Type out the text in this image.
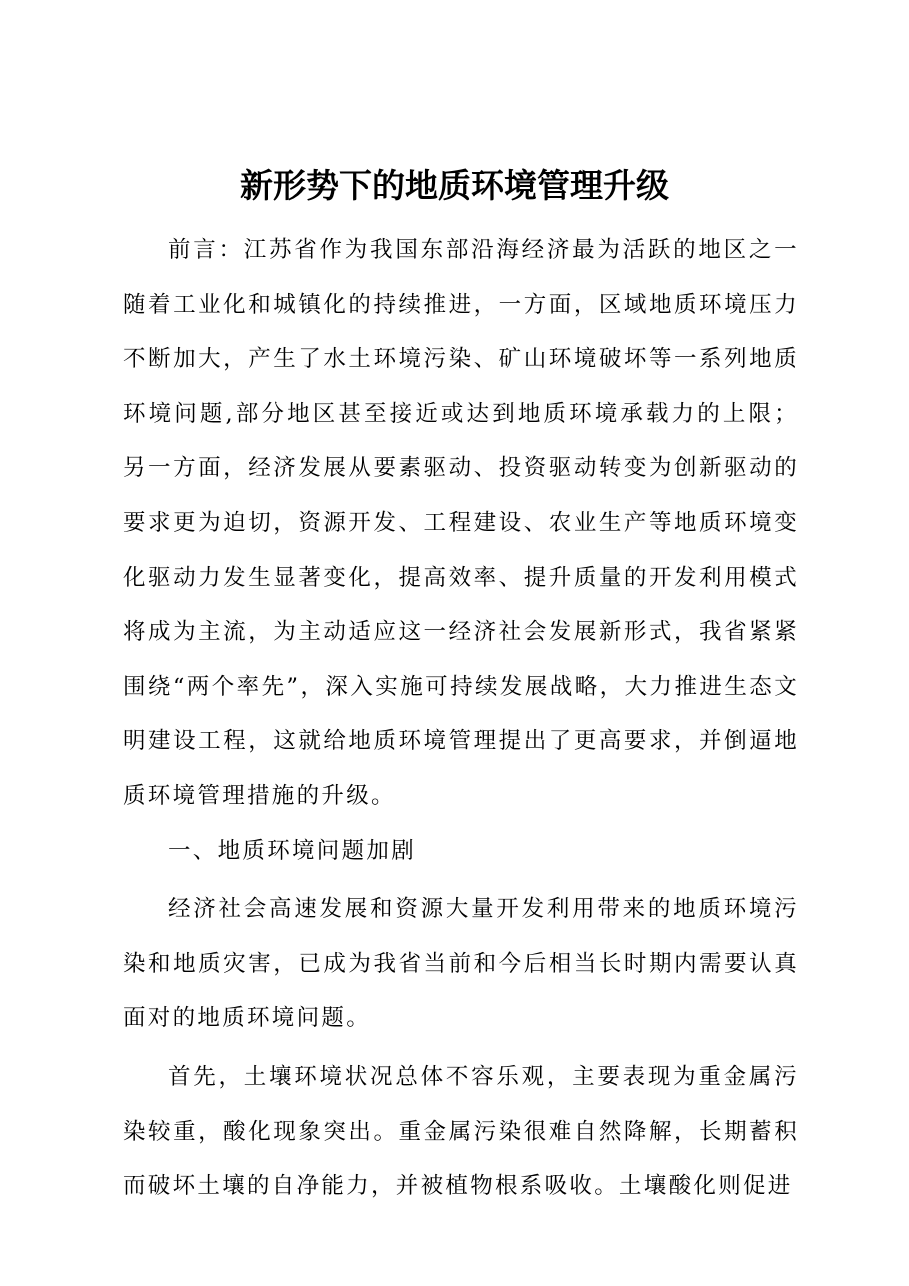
新形势下的地质环境管理升级

前言：江苏省作为我国东部沿海经济最为活跃的地区之一随着工业化和城镇化的持续推进，一方面，区域地质环境压力不断加大，产生了水土环境污染、矿山环境破坏等一系列地质环境问题,部分地区甚至接近或达到地质环境承载力的上限；另一方面，经济发展从要素驱动、投资驱动转变为创新驱动的要求更为迫切，资源开发、工程建设、农业生产等地质环境变化驱动力发生显著变化，提高效率、提升质量的开发利用模式将成为主流，为主动适应这一经济社会发展新形式，我省紧紧围绕“两个率先”，深入实施可持续发展战略，大力推进生态文明建设工程，这就给地质环境管理提出了更高要求，并倒逼地质环境管理措施的升级。

一、地质环境问题加剧

经济社会高速发展和资源大量开发利用带来的地质环境污染和地质灾害，已成为我省当前和今后相当长时期内需要认真面对的地质环境问题。

首先，土壤环境状况总体不容乐观，主要表现为重金属污染较重，酸化现象突出。重金属污染很难自然降解，长期蓄积而破坏土壤的自净能力，并被植物根系吸收。土壤酸化则促进
